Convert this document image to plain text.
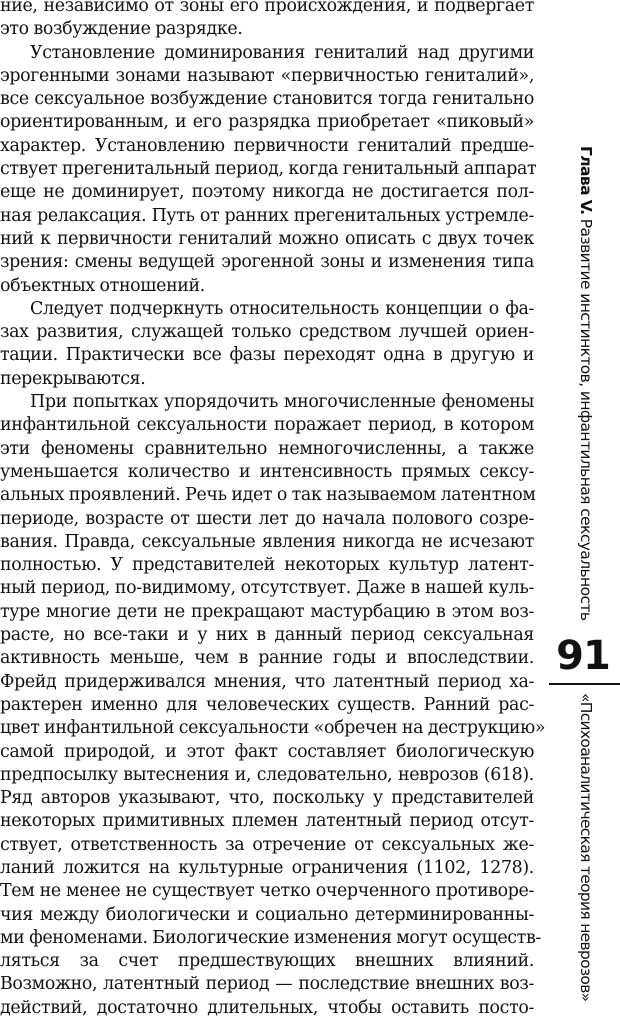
ние, независимо от зоны его происхождения, и подвергает
это возбуждение разрядке.
Установление доминирования гениталий над другими
эрогенными зонами называют «первичностью гениталий»,
все сексуальное возбуждение становится тогда генитально
ориентированным, и его разрядка приобретает «пиковый»
характер. Установлению первичности гениталий предше-
ствует прегенитальный период, когда генитальный аппарат
еще не доминирует, поэтому никогда не достигается пол-
ная релаксация. Путь от ранних прегенитальных устремле-
ний к первичности гениталий можно описать с двух точек
зрения: смены ведущей эрогенной зоны и изменения типа
объектных отношений.
Следует подчеркнуть относительность концепции о фа-
зах развития, служащей только средством лучшей ориен-
тации. Практически все фазы переходят одна в другую и
перекрываются.
При попытках упорядочить многочисленные феномены
инфантильной сексуальности поражает период, в котором
эти феномены сравнительно немногочисленны, а также
уменьшается количество и интенсивность прямых сексу-
альных проявлений. Речь идет о так называемом латентном
периоде, возрасте от шести лет до начала полового созре-
вания. Правда, сексуальные явления никогда не исчезают
полностью. У представителей некоторых культур латент-
ный период, по-видимому, отсутствует. Даже в нашей куль-
туре многие дети не прекращают мастурбацию в этом воз-
расте, но все-таки и у них в данный период сексуальная
активность меньше, чем в ранние годы и впоследствии.
Фрейд придерживался мнения, что латентный период ха-
рактерен именно для человеческих существ. Ранний рас-
цвет инфантильной сексуальности «обречен на деструкцию»
самой природой, и этот факт составляет биологическую
предпосылку вытеснения и, следовательно, неврозов (618).
Ряд авторов указывают, что, поскольку у представителей
некоторых примитивных племен латентный период отсут-
ствует, ответственность за отречение от сексуальных же-
ланий ложится на культурные ограничения (1102, 1278).
Тем не менее не существует четко очерченного противоре-
чия между биологически и социально детерминированны-
ми феноменами. Биологические изменения могут осуществ-
ляться за счет предшествующих внешних влияний.
Возможно, латентный период — последствие внешних воз-
действий, достаточно длительных, чтобы оставить посто-
Глава V. Развитие инстинктов, инфантильная сексуальность
91
«Психоаналитическая теория неврозов»
